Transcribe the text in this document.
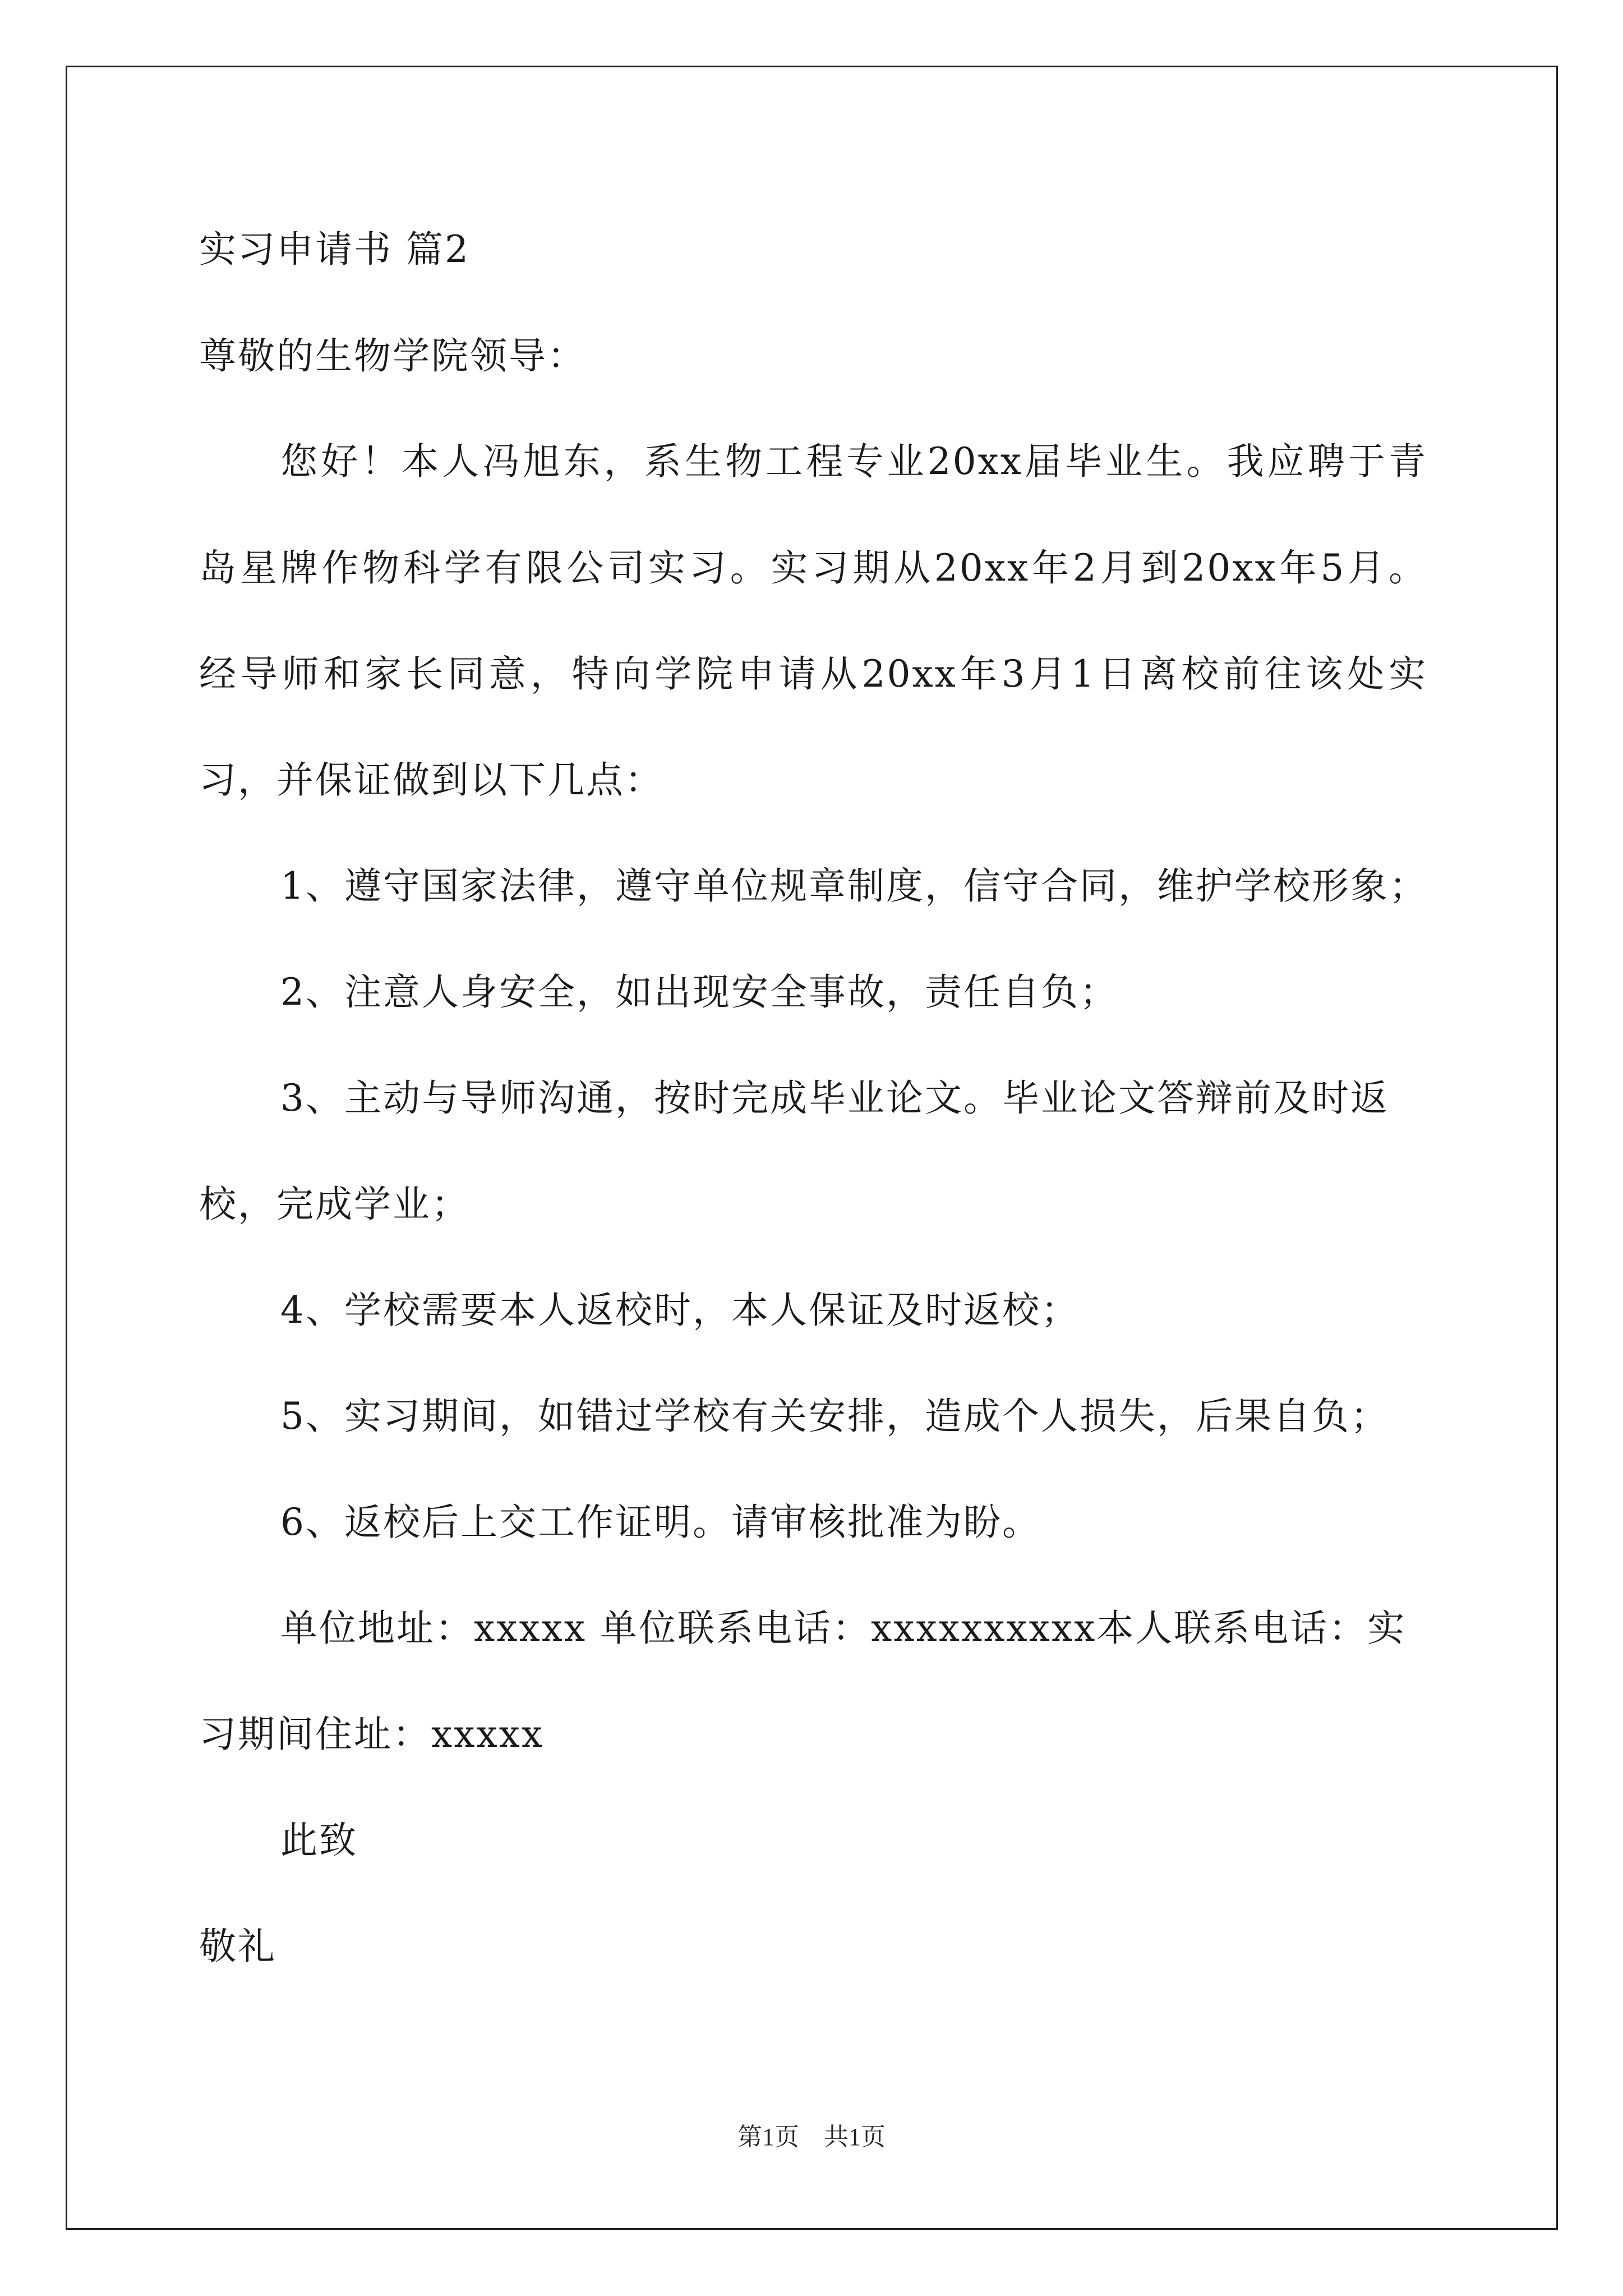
实习申请书 篇2
尊敬的生物学院领导：
您好！本人冯旭东，系生物工程专业20xx届毕业生。我应聘于青
岛星牌作物科学有限公司实习。实习期从20xx年2月到20xx年5月。
经导师和家长同意，特向学院申请从20xx年3月1日离校前往该处实
习，并保证做到以下几点：
1、遵守国家法律，遵守单位规章制度，信守合同，维护学校形象；
2、注意人身安全，如出现安全事故，责任自负；
3、主动与导师沟通，按时完成毕业论文。毕业论文答辩前及时返
校，完成学业；
4、学校需要本人返校时，本人保证及时返校；
5、实习期间，如错过学校有关安排，造成个人损失，后果自负；
6、返校后上交工作证明。请审核批准为盼。
单位地址：xxxxx 单位联系电话：xxxxxxxxxx本人联系电话：实
习期间住址：xxxxx
此致
敬礼
第1页　共1页
